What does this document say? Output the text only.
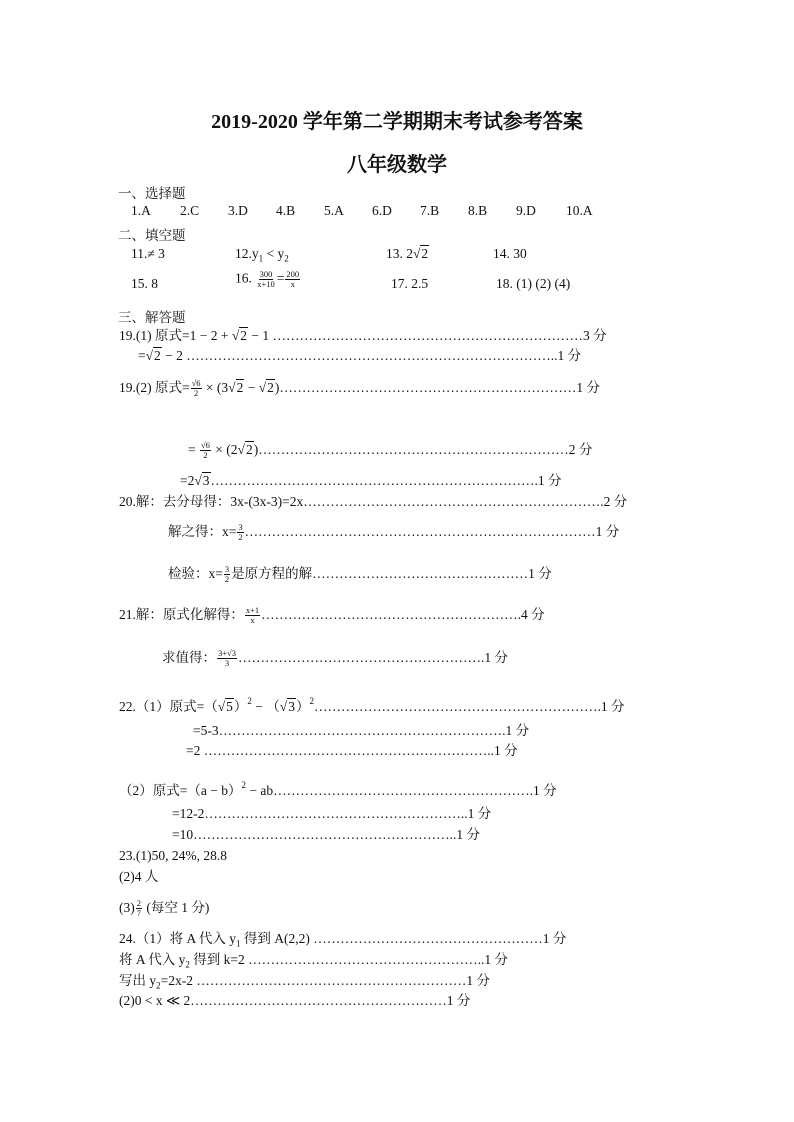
2019-2020 学年第二学期期末考试参考答案
八年级数学
一、选择题
1.A 2.C 3.D 4.B 5.A 6.D 7.B 8.B 9.D 10.A
二、填空题
11.≠ 3	$12.y_1 < y_2$	13. 2√2	14. 30
15. 8	16. $\frac{300}{x+10} = \frac{200}{x}$	17. 2.5	18. (1) (2) (4)
三、解答题
19.(1) 原式=1 − 2 + √2 − 1 ……………………………………………………………3 分
=√2 − 2 ………………………………………………………………………..1 分
19.(2) 原式= $\frac{√6}{2} \times (3√2$ − √2)…………………………………………………………1 分
= $\frac{√6}{2}$ × (2√2)……………………………………………………………2 分
=2√3……………………………………………………………….1 分
20.解：去分母得：3x-(3x-3)=2x………………………………………………………….2 分
解之得：$x= \frac{3}{2}$ ……………………………………………………………………1 分
检验：$x= \frac{3}{2}$ 是原方程的解…………………………………………1 分
21.解：原式化解得： $\frac{x+1}{x}$ ………………………………………………….4 分
求值得： $\frac{3+√3}{3}$ ……………………………………………….1 分
22.（1）原式$=(√5)^2$ − $(√3)^2\dots\dots\dots\dots\dots\dots\dots\dots\dots\dots\dots\dots\dots\dots\dots\dots\dots\dots\dots\dots\dots.1$ 分
=5-3……………………………………………………….1 分
=2 ………………………………………………………..1 分
（2）原式$=(a - b)^2$ − ab………………………………………………….1 分
=12-2…………………………………………………..1 分
=10…………………………………………………..1 分
23.(1)50, 24%, 28.8
(2)4 人
$(3) \frac{2}{7}$ (每空 1 分)
24.（1）将 A 代入 $y_1$ 得到 A(2,2) ……………………………………………1 分
将 A 代入 $y_2$ 得到 k=2 ……………………………………………..1 分
写出 $y_2=2x-2$ ……………………………………………………1 分
(2)0 < x ≪ 2…………………………………………………1 分
